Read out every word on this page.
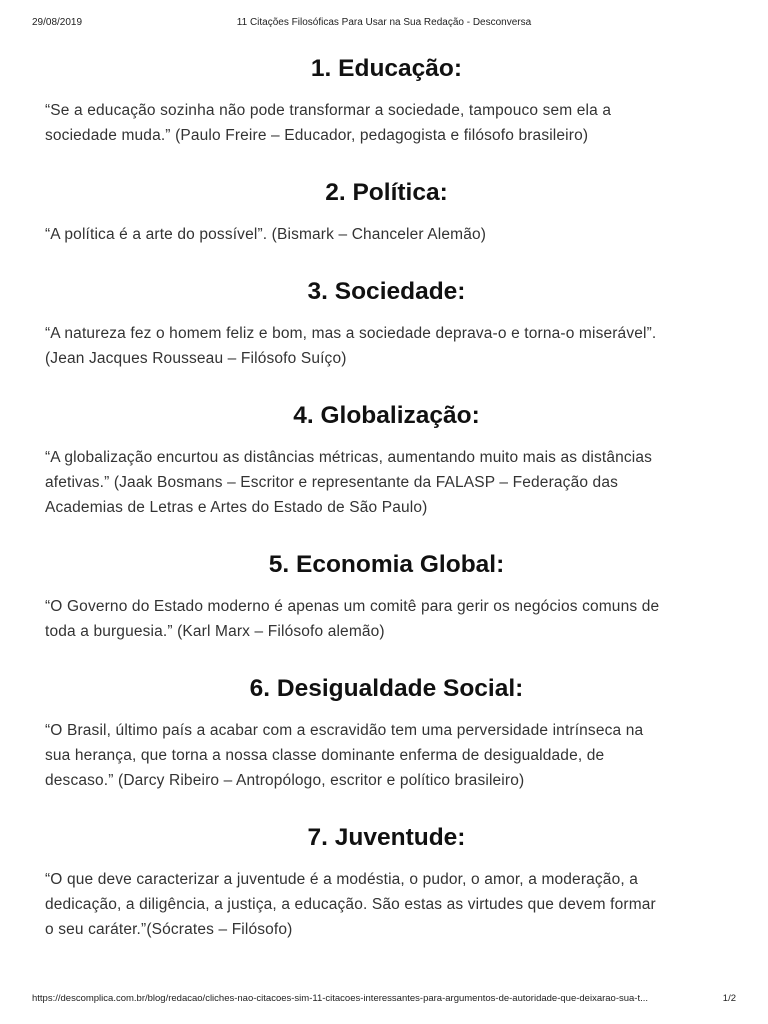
29/08/2019	11 Citações Filosóficas Para Usar na Sua Redação - Desconversa
1. Educação:

“Se a educação sozinha não pode transformar a sociedade, tampouco sem ela a
sociedade muda.” (Paulo Freire – Educador, pedagogista e filósofo brasileiro)

2. Política:

“A política é a arte do possível”. (Bismark – Chanceler Alemão)

3. Sociedade:

“A natureza fez o homem feliz e bom, mas a sociedade deprava-o e torna-o miserável”.
(Jean Jacques Rousseau – Filósofo Suíço)

4. Globalização:

“A globalização encurtou as distâncias métricas, aumentando muito mais as distâncias
afetivas.” (Jaak Bosmans – Escritor e representante da FALASP – Federação das
Academias de Letras e Artes do Estado de São Paulo)

5. Economia Global:

“O Governo do Estado moderno é apenas um comitê para gerir os negócios comuns de
toda a burguesia.” (Karl Marx – Filósofo alemão)

6. Desigualdade Social:

“O Brasil, último país a acabar com a escravidão tem uma perversidade intrínseca na
sua herança, que torna a nossa classe dominante enferma de desigualdade, de
descaso.” (Darcy Ribeiro – Antropólogo, escritor e político brasileiro)

7. Juventude:

“O que deve caracterizar a juventude é a modéstia, o pudor, o amor, a moderação, a
dedicação, a diligência, a justiça, a educação. São estas as virtudes que devem formar
o seu caráter.”(Sócrates – Filósofo)

https://descomplica.com.br/blog/redacao/cliches-nao-citacoes-sim-11-citacoes-interessantes-para-argumentos-de-autoridade-que-deixarao-sua-t...	1/2
